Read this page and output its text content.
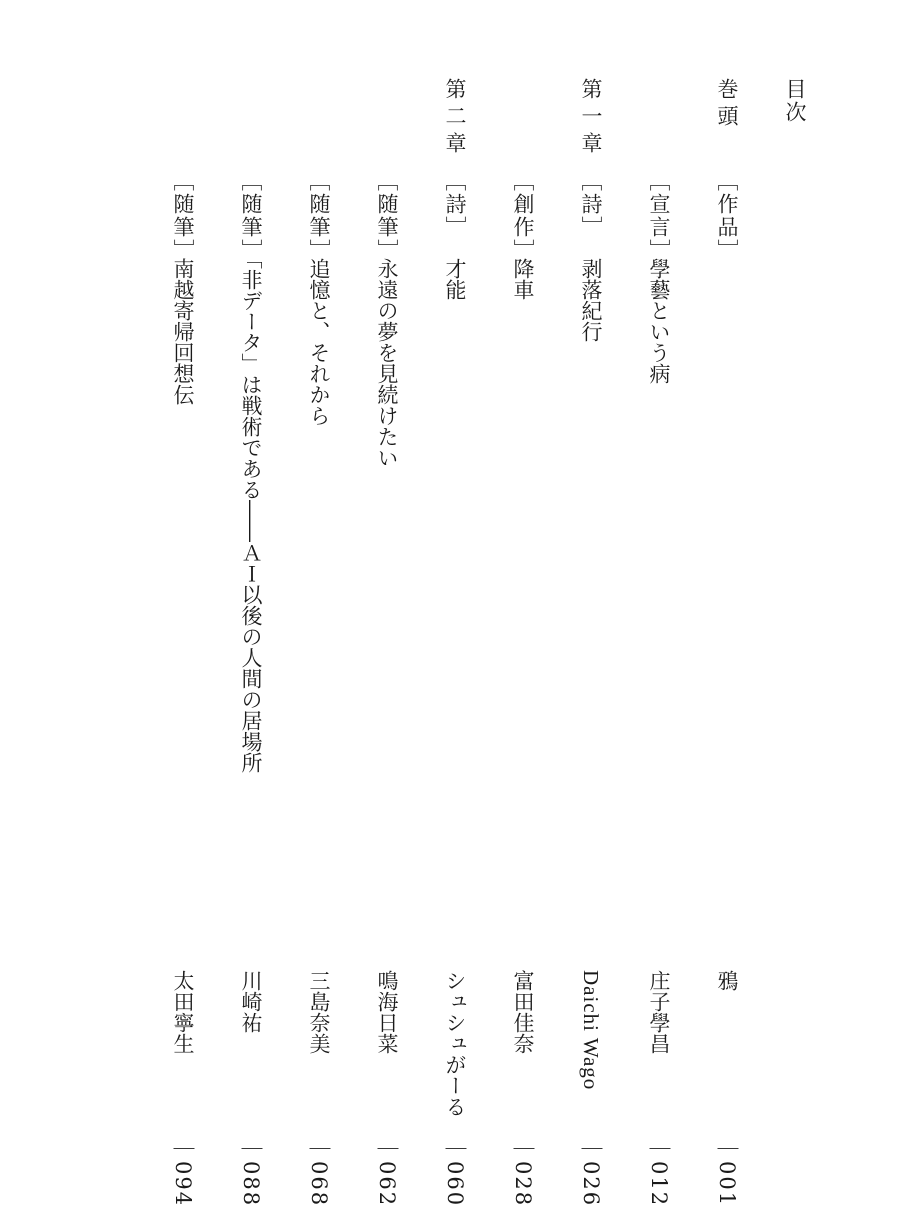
目次
巻頭
［作品］
鴉
｜001
［宣言］
學藝という病
庄子學昌
｜012
第一章
［詩］
剥落紀行
Daichi Wago
｜026
［創作］
降車
富田佳奈
｜028
第二章
［詩］
才能
シュシュがーる
｜060
［随筆］
永遠の夢を見続けたい
鳴海日菜
｜062
［随筆］
追憶と、それから
三島奈美
｜068
［随筆］
「非データ」は戦術である――ＡＩ以後の人間の居場所
川崎祐
｜088
［随筆］
南越寄帰回想伝
太田寧生
｜094
